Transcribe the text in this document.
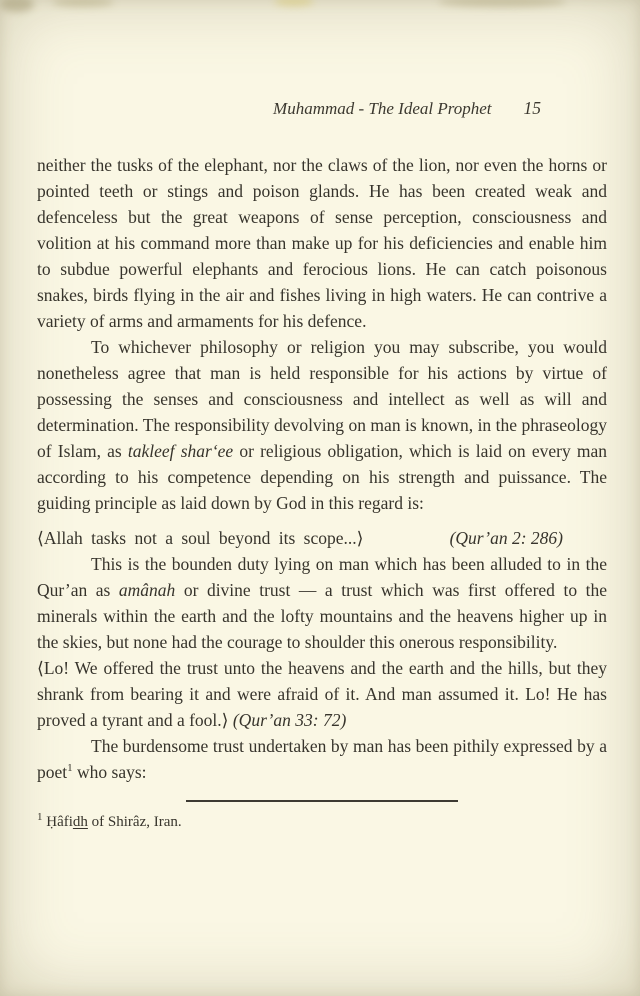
Muhammad - The Ideal Prophet 15

neither the tusks of the elephant, nor the claws of the lion, nor even the horns or pointed teeth or stings and poison glands. He has been created weak and defenceless but the great weapons of sense perception, consciousness and volition at his command more than make up for his deficiencies and enable him to subdue powerful elephants and ferocious lions. He can catch poisonous snakes, birds flying in the air and fishes living in high waters. He can contrive a variety of arms and armaments for his defence.

To whichever philosophy or religion you may subscribe, you would nonetheless agree that man is held responsible for his actions by virtue of possessing the senses and consciousness and intellect as well as will and determination. The responsibility devolving on man is known, in the phraseology of Islam, as takleef shar‘ee or religious obligation, which is laid on every man according to his competence depending on his strength and puissance. The guiding principle as laid down by God in this regard is:

⟨Allah tasks not a soul beyond its scope...⟩	(Qur’an 2: 286)

This is the bounden duty lying on man which has been alluded to in the Qur’an as amânah or divine trust — a trust which was first offered to the minerals within the earth and the lofty mountains and the heavens higher up in the skies, but none had the courage to shoulder this onerous responsibility.

⟨Lo! We offered the trust unto the heavens and the earth and the hills, but they shrank from bearing it and were afraid of it. And man assumed it. Lo! He has proved a tyrant and a fool.⟩ (Qur’an 33: 72)

The burdensome trust undertaken by man has been pithily expressed by a poet$^1$ who says:

$^1$ Ḥâfidh of Shirâz, Iran.
